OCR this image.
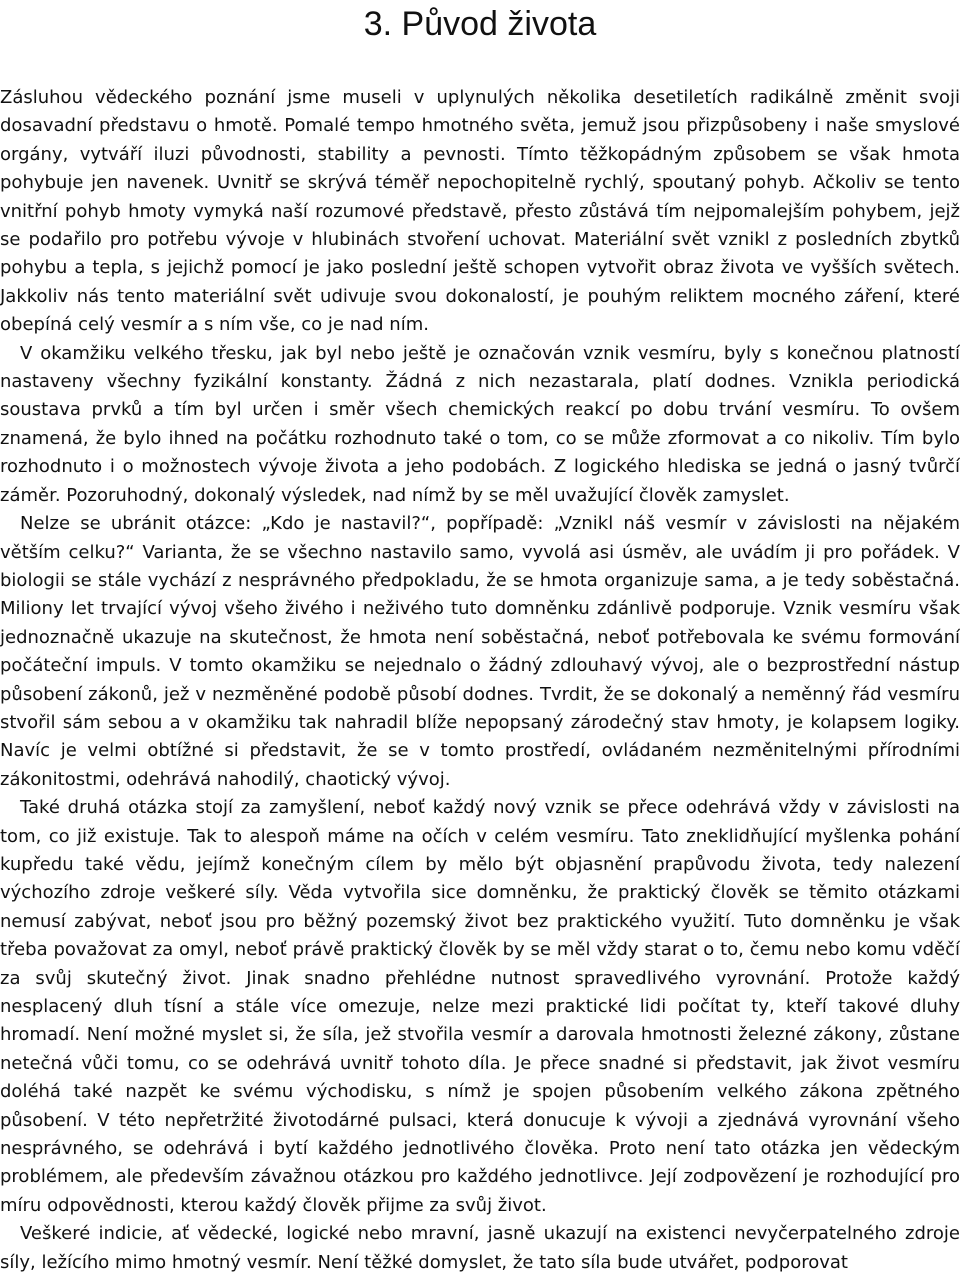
3. Původ života

Zásluhou vědeckého poznání jsme museli v uplynulých několika desetiletích radikálně změnit svoji dosavadní představu o hmotě. Pomalé tempo hmotného světa, jemuž jsou přizpůsobeny i naše smyslové orgány, vytváří iluzi původnosti, stability a pevnosti. Tímto těžkopádným způsobem se však hmota pohybuje jen navenek. Uvnitř se skrývá téměř nepochopitelně rychlý, spoutaný pohyb. Ačkoliv se tento vnitřní pohyb hmoty vymyká naší rozumové představě, přesto zůstává tím nejpomalejším pohybem, jejž se podařilo pro potřebu vývoje v hlubinách stvoření uchovat. Materiální svět vznikl z posledních zbytků pohybu a tepla, s jejichž pomocí je jako poslední ještě schopen vytvořit obraz života ve vyšších světech. Jakkoliv nás tento materiální svět udivuje svou dokonalostí, je pouhým reliktem mocného záření, které obepíná celý vesmír a s ním vše, co je nad ním.

V okamžiku velkého třesku, jak byl nebo ještě je označován vznik vesmíru, byly s konečnou platností nastaveny všechny fyzikální konstanty. Žádná z nich nezastarala, platí dodnes. Vznikla periodická soustava prvků a tím byl určen i směr všech chemických reakcí po dobu trvání vesmíru. To ovšem znamená, že bylo ihned na počátku rozhodnuto také o tom, co se může zformovat a co nikoliv. Tím bylo rozhodnuto i o možnostech vývoje života a jeho podobách. Z logického hlediska se jedná o jasný tvůrčí záměr. Pozoruhodný, dokonalý výsledek, nad nímž by se měl uvažující člověk zamyslet.

Nelze se ubránit otázce: „Kdo je nastavil?“, popřípadě: „Vznikl náš vesmír v závislosti na nějakém větším celku?“ Varianta, že se všechno nastavilo samo, vyvolá asi úsměv, ale uvádím ji pro pořádek. V biologii se stále vychází z nesprávného předpokladu, že se hmota organizuje sama, a je tedy soběstačná. Miliony let trvající vývoj všeho živého i neživého tuto domněnku zdánlivě podporuje. Vznik vesmíru však jednoznačně ukazuje na skutečnost, že hmota není soběstačná, neboť potřebovala ke svému formování počáteční impuls. V tomto okamžiku se nejednalo o žádný zdlouhavý vývoj, ale o bezprostřední nástup působení zákonů, jež v nezměněné podobě působí dodnes. Tvrdit, že se dokonalý a neměnný řád vesmíru stvořil sám sebou a v okamžiku tak nahradil blíže nepopsaný zárodečný stav hmoty, je kolapsem logiky. Navíc je velmi obtížné si představit, že se v tomto prostředí, ovládaném nezměnitelnými přírodními zákonitostmi, odehrává nahodilý, chaotický vývoj.

Také druhá otázka stojí za zamyšlení, neboť každý nový vznik se přece odehrává vždy v závislosti na tom, co již existuje. Tak to alespoň máme na očích v celém vesmíru. Tato zneklidňující myšlenka pohání kupředu také vědu, jejímž konečným cílem by mělo být objasnění prapůvodu života, tedy nalezení výchozího zdroje veškeré síly. Věda vytvořila sice domněnku, že praktický člověk se těmito otázkami nemusí zabývat, neboť jsou pro běžný pozemský život bez praktického využití. Tuto domněnku je však třeba považovat za omyl, neboť právě praktický člověk by se měl vždy starat o to, čemu nebo komu vděčí za svůj skutečný život. Jinak snadno přehlédne nutnost spravedlivého vyrovnání. Protože každý nesplacený dluh tísní a stále více omezuje, nelze mezi praktické lidi počítat ty, kteří takové dluhy hromadí. Není možné myslet si, že síla, jež stvořila vesmír a darovala hmotnosti železné zákony, zůstane netečná vůči tomu, co se odehrává uvnitř tohoto díla. Je přece snadné si představit, jak život vesmíru doléhá také nazpět ke svému východisku, s nímž je spojen působením velkého zákona zpětného působení. V této nepřetržité životodárné pulsaci, která donucuje k vývoji a zjednává vyrovnání všeho nesprávného, se odehrává i bytí každého jednotlivého člověka. Proto není tato otázka jen vědeckým problémem, ale především závažnou otázkou pro každého jednotlivce. Její zodpovězení je rozhodující pro míru odpovědnosti, kterou každý člověk přijme za svůj život.

Veškeré indicie, ať vědecké, logické nebo mravní, jasně ukazují na existenci nevyčerpatelného zdroje síly, ležícího mimo hmotný vesmír. Není těžké domyslet, že tato síla bude utvářet, podporovat
